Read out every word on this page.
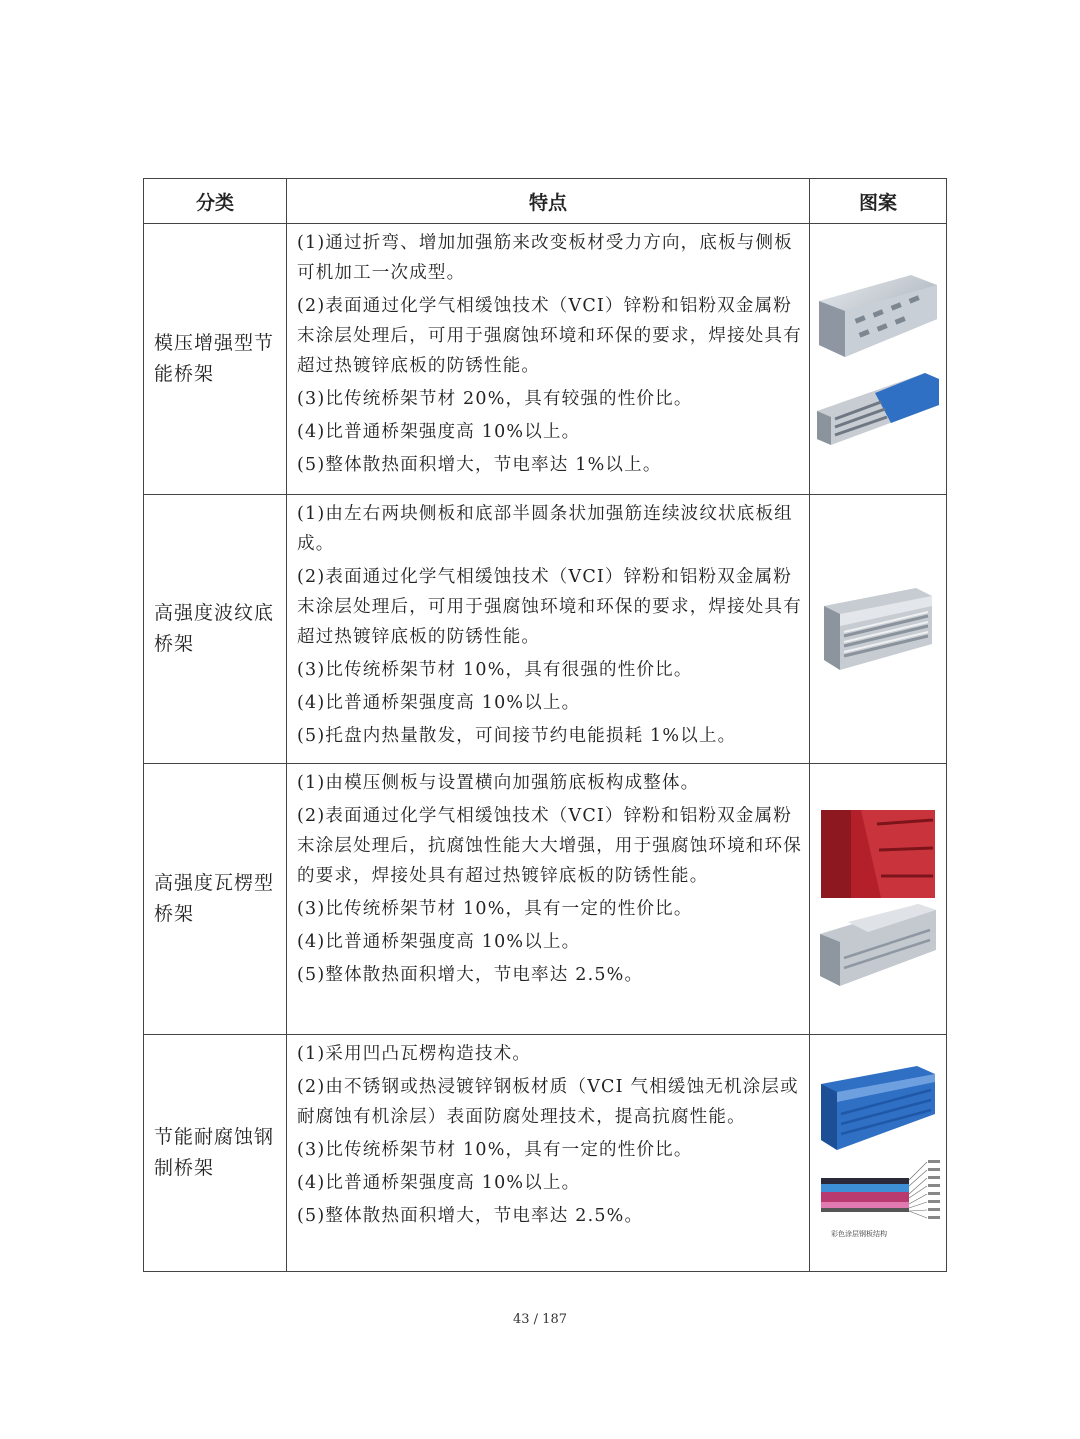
分类	特点	图案
模压增强型节能桥架	(1)通过折弯、增加加强筋来改变板材受力方向，底板与侧板可机加工一次成型。

(2)表面通过化学气相缓蚀技术（VCI）锌粉和铝粉双金属粉末涂层处理后，可用于强腐蚀环境和环保的要求，焊接处具有超过热镀锌底板的防锈性能。

(3)比传统桥架节材 20%，具有较强的性价比。

(4)比普通桥架强度高 10%以上。

(5)整体散热面积增大，节电率达 1%以上。

高强度波纹底桥架	(1)由左右两块侧板和底部半圆条状加强筋连续波纹状底板组成。

(2)表面通过化学气相缓蚀技术（VCI）锌粉和铝粉双金属粉末涂层处理后，可用于强腐蚀环境和环保的要求，焊接处具有超过热镀锌底板的防锈性能。

(3)比传统桥架节材 10%，具有很强的性价比。

(4)比普通桥架强度高 10%以上。

(5)托盘内热量散发，可间接节约电能损耗 1%以上。

高强度瓦楞型桥架	(1)由模压侧板与设置横向加强筋底板构成整体。

(2)表面通过化学气相缓蚀技术（VCI）锌粉和铝粉双金属粉末涂层处理后，抗腐蚀性能大大增强，用于强腐蚀环境和环保的要求，焊接处具有超过热镀锌底板的防锈性能。

(3)比传统桥架节材 10%，具有一定的性价比。

(4)比普通桥架强度高 10%以上。

(5)整体散热面积增大，节电率达 2.5%。

节能耐腐蚀钢制桥架	(1)采用凹凸瓦楞构造技术。

(2)由不锈钢或热浸镀锌钢板材质（VCI 气相缓蚀无机涂层或耐腐蚀有机涂层）表面防腐处理技术，提高抗腐性能。

(3)比传统桥架节材 10%，具有一定的性价比。

(4)比普通桥架强度高 10%以上。

(5)整体散热面积增大，节电率达 2.5%。	彩色涂层钢板结构
43 / 187
